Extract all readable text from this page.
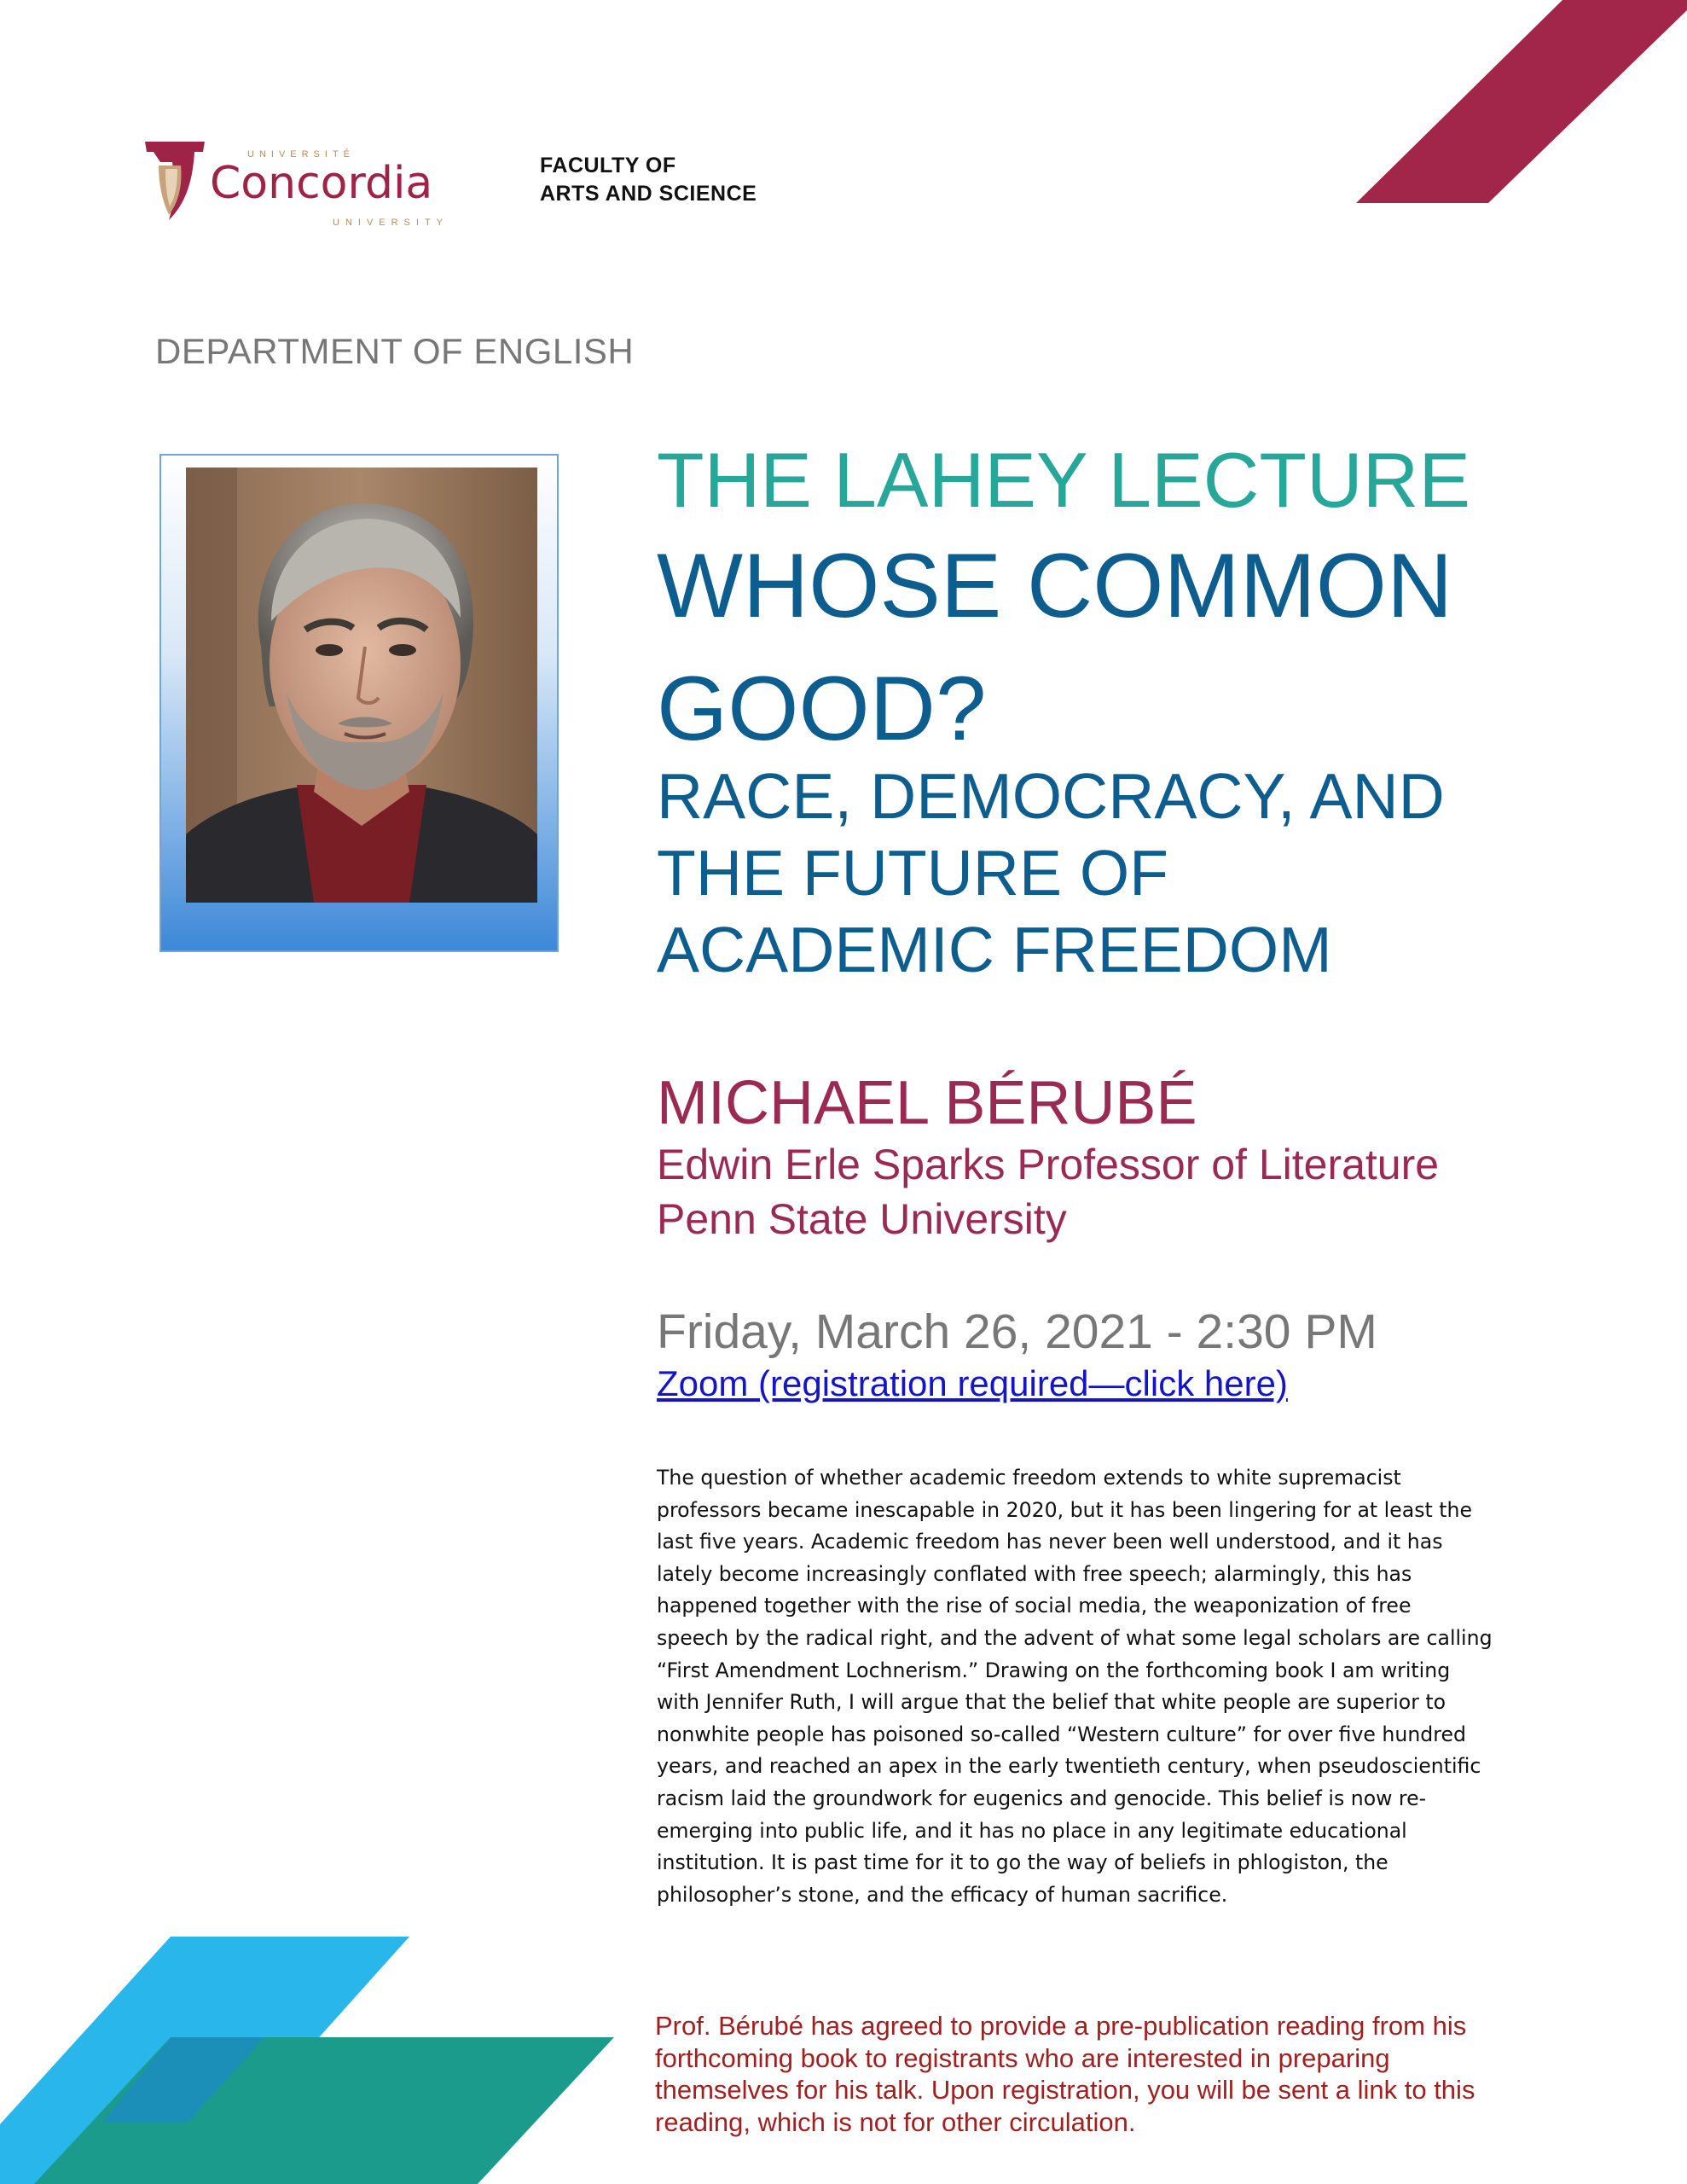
UNIVERSITÉ
Concordia
UNIVERSITY
FACULTY OF
ARTS AND SCIENCE
DEPARTMENT OF ENGLISH
THE LAHEY LECTURE
WHOSE COMMON
GOOD?
RACE, DEMOCRACY, AND
THE FUTURE OF
ACADEMIC FREEDOM
MICHAEL BÉRUBÉ
Edwin Erle Sparks Professor of Literature
Penn State University
Friday, March 26, 2021 - 2:30 PM
Zoom (registration required—click here)
The question of whether academic freedom extends to white supremacist
professors became inescapable in 2020, but it has been lingering for at least the
last five years. Academic freedom has never been well understood, and it has
lately become increasingly conflated with free speech; alarmingly, this has
happened together with the rise of social media, the weaponization of free
speech by the radical right, and the advent of what some legal scholars are calling
“First Amendment Lochnerism.” Drawing on the forthcoming book I am writing
with Jennifer Ruth, I will argue that the belief that white people are superior to
nonwhite people has poisoned so-called “Western culture” for over five hundred
years, and reached an apex in the early twentieth century, when pseudoscientific
racism laid the groundwork for eugenics and genocide. This belief is now re-
emerging into public life, and it has no place in any legitimate educational
institution. It is past time for it to go the way of beliefs in phlogiston, the
philosopher’s stone, and the efficacy of human sacrifice.
Prof. Bérubé has agreed to provide a pre-publication reading from his
forthcoming book to registrants who are interested in preparing
themselves for his talk. Upon registration, you will be sent a link to this
reading, which is not for other circulation.
